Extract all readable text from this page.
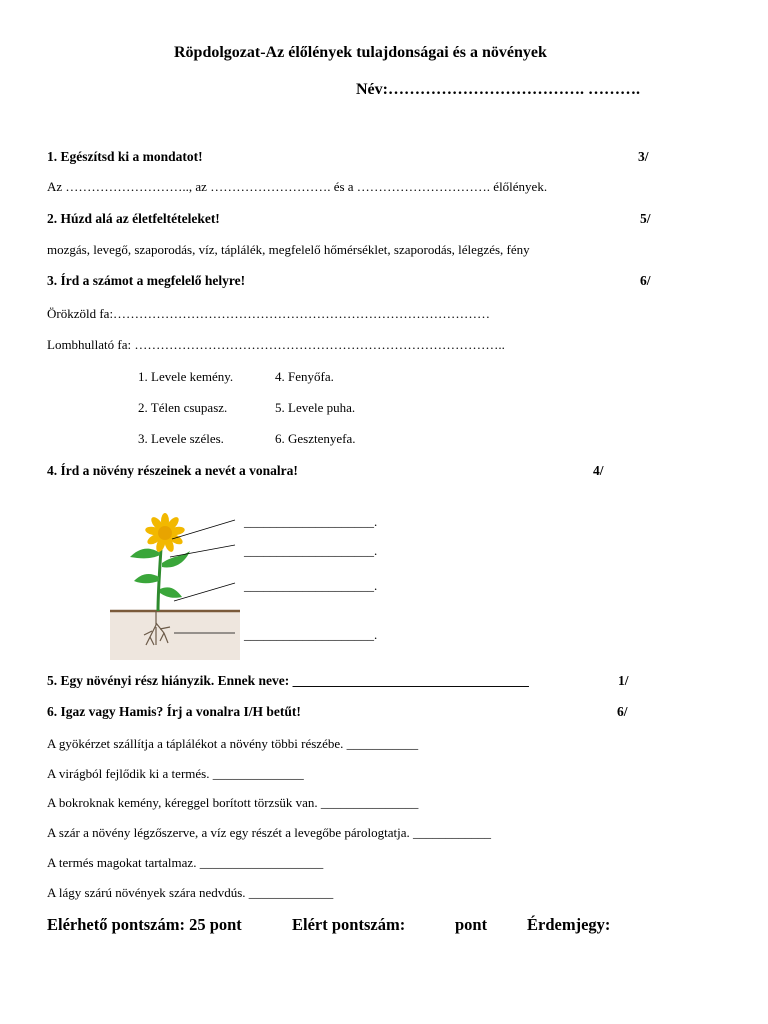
Röpdolgozat-Az élőlények tulajdonságai és a növények
Név:………………………………. ……….
1. Egészítsd ki a mondatot!	3/
Az ……………………….., az ………………………. és a …………………………. élőlények.
2. Húzd alá az életfeltételeket!	5/
mozgás, levegő, szaporodás, víz, táplálék, megfelelő hőmérséklet, szaporodás, lélegzés, fény
3. Írd a számot a megfelelő helyre!	6/
Örökzöld fa:……………………………………………………………………………
Lombhullató fa: …………………………………………………………………………..
1. Levele kemény.	4. Fenyőfa.
2. Télen csupasz.	5. Levele puha.
3. Levele széles.	6. Gesztenyefa.
4. Írd a növény részeinek a nevét a vonalra!	4/
____________________.
____________________.
____________________.
____________________.
5. Egy növényi rész hiányzik. Ennek neve: ___________________________________	1/
6. Igaz vagy Hamis? Írj a vonalra I/H betűt!	6/
A gyökérzet szállítja a táplálékot a növény többi részébe. ___________
A virágból fejlődik ki a termés. ______________
A bokroknak kemény, kéreggel borított törzsük van. _______________
A szár a növény légzőszerve, a víz egy részét a levegőbe párologtatja. ____________
A termés magokat tartalmaz. ___________________
A lágy szárú növények szára nedvdús. _____________
Elérhető pontszám: 25 pont	Elért pontszám:	pont Érdemjegy:
